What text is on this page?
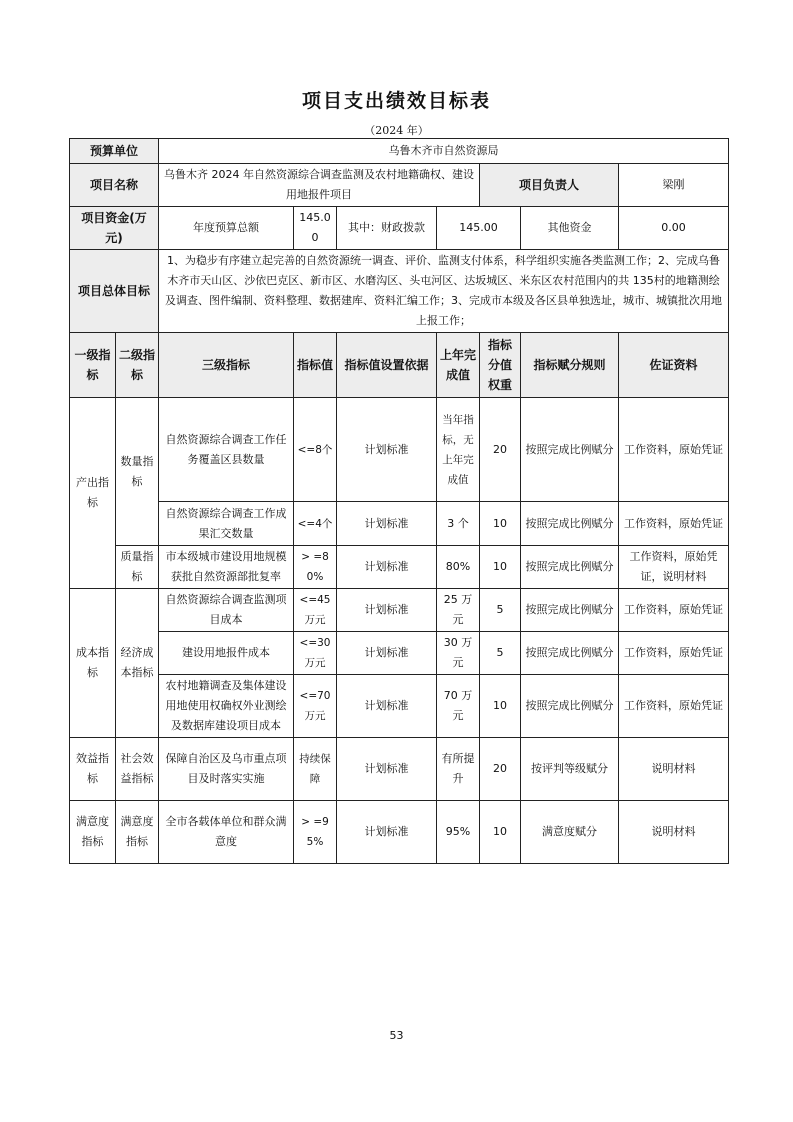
项目支出绩效目标表
（2024 年）
预算单位		乌鲁木齐市自然资源局						
项目名称		乌鲁木齐 2024 年自然资源综合调查监测及农村地籍确权、建设用地报件项目				项目负责人		梁刚
项目资金(万元)		年度预算总额	145.00	其中：财政拨款	145.00		其他资金	0.00
项目总体目标		1、为稳步有序建立起完善的自然资源统一调查、评价、监测支付体系，科学组织实施各类监测工作；2、完成乌鲁木齐市天山区、沙依巴克区、新市区、水磨沟区、头屯河区、达坂城区、米东区农村范围内的共 135村的地籍测绘及调查、图件编制、资料整理、数据建库、资料汇编工作；3、完成市本级及各区县单独选址，城市、城镇批次用地上报工作；						
一级指标	二级指标	三级指标	指标值	指标值设置依据	上年完成值	指标分值权重	指标赋分规则	佐证资料
产出指标	数量指标	自然资源综合调查工作任务覆盖区县数量	<=8个	计划标准	当年指标，无上年完成值	20	按照完成比例赋分	工作资料，原始凭证
		自然资源综合调查工作成果汇交数量	<=4个	计划标准	3 个	10	按照完成比例赋分	工作资料，原始凭证
	质量指标	市本级城市建设用地规模获批自然资源部批复率	> =80%	计划标准	80%	10	按照完成比例赋分	工作资料，原始凭证，说明材料
成本指标	经济成本指标	自然资源综合调查监测项目成本	<=45万元	计划标准	25 万元	5	按照完成比例赋分	工作资料，原始凭证
		建设用地报件成本	<=30万元	计划标准	30 万元	5	按照完成比例赋分	工作资料，原始凭证
		农村地籍调查及集体建设用地使用权确权外业测绘及数据库建设项目成本	<=70万元	计划标准	70 万元	10	按照完成比例赋分	工作资料，原始凭证
效益指标	社会效益指标	保障自治区及乌市重点项目及时落实实施	持续保障	计划标准	有所提升	20	按评判等级赋分	说明材料
满意度指标	满意度指标	全市各载体单位和群众满意度	> =95%	计划标准	95%	10	满意度赋分	说明材料
53
